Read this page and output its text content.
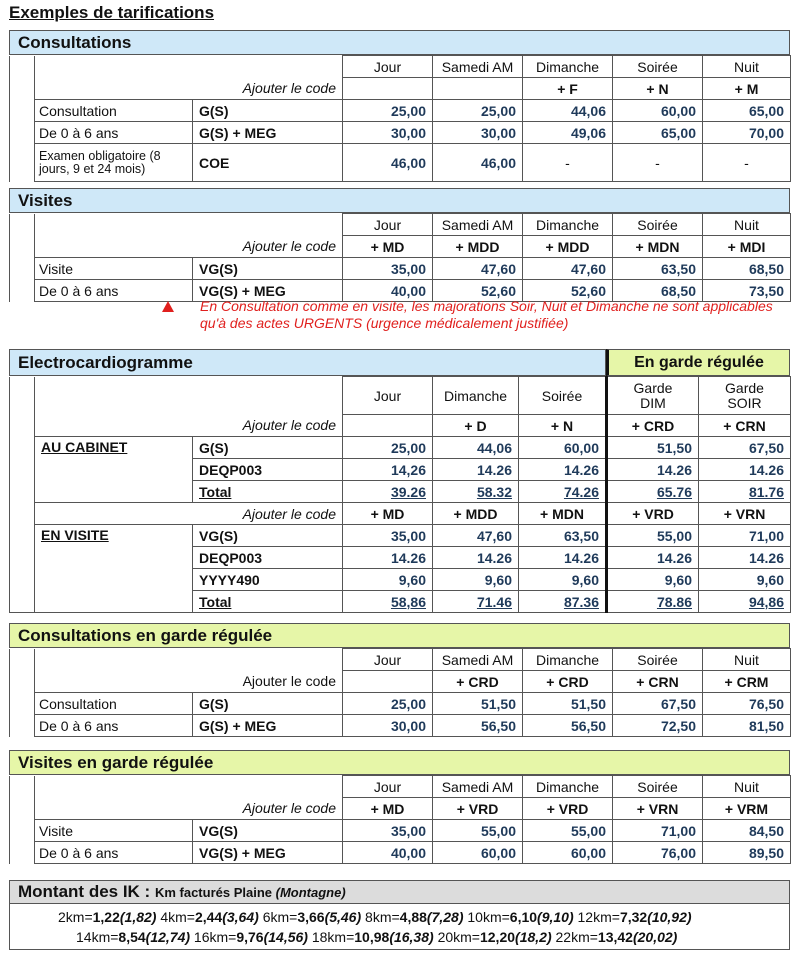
Exemples de tarifications
Consultations
			Jour	Samedi AM	Dimanche	Soirée	Nuit
	Ajouter le code				+ F	+ N	+ M
	Consultation	G(S)	25,00	25,00	44,06	60,00	65,00
	De 0 à 6 ans	G(S) + MEG	30,00	30,00	49,06	65,00	70,00
	Examen obligatoire (8 jours, 9 et 24 mois)	COE	46,00	46,00	-	-	-
Visites
			Jour	Samedi AM	Dimanche	Soirée	Nuit
	Ajouter le code		+ MD	+ MDD	+ MDD	+ MDN	+ MDI
	Visite	VG(S)	35,00	47,60	47,60	63,50	68,50
	De 0 à 6 ans	VG(S) + MEG	40,00	52,60	52,60	68,50	73,50
En Consultation comme en visite, les majorations Soir, Nuit et Dimanche ne sont applicables qu'à des actes URGENTS (urgence médicalement justifiée)
Electrocardiogramme	En garde régulée
			Jour	Dimanche	Soirée	Garde DIM	Garde SOIR
	Ajouter le code			+ D	+ N	+ CRD	+ CRN
	AU CABINET	G(S)	25,00	44,06	60,00	51,50	67,50
		DEQP003	14,26	14.26	14.26	14.26	14.26
		Total	39.26	58.32	74.26	65.76	81.76
	Ajouter le code		+ MD	+ MDD	+ MDN	+ VRD	+ VRN
	EN VISITE	VG(S)	35,00	47,60	63,50	55,00	71,00
		DEQP003	14.26	14.26	14.26	14.26	14.26
		YYYY490	9,60	9,60	9,60	9,60	9,60
		Total	58,86	71.46	87.36	78.86	94,86
Consultations en garde régulée
			Jour	Samedi AM	Dimanche	Soirée	Nuit
	Ajouter le code			+ CRD	+ CRD	+ CRN	+ CRM
	Consultation	G(S)	25,00	51,50	51,50	67,50	76,50
	De 0 à 6 ans	G(S) + MEG	30,00	56,50	56,50	72,50	81,50
Visites en garde régulée
			Jour	Samedi AM	Dimanche	Soirée	Nuit
	Ajouter le code		+ MD	+ VRD	+ VRD	+ VRN	+ VRM
	Visite	VG(S)	35,00	55,00	55,00	71,00	84,50
	De 0 à 6 ans	VG(S) + MEG	40,00	60,00	60,00	76,00	89,50
Montant des IK : Km facturés Plaine (Montagne)
2km=1,22(1,82) 4km=2,44(3,64) 6km=3,66(5,46) 8km=4,88(7,28) 10km=6,10(9,10) 12km=7,32(10,92)
14km=8,54(12,74) 16km=9,76(14,56) 18km=10,98(16,38) 20km=12,20(18,2) 22km=13,42(20,02)
